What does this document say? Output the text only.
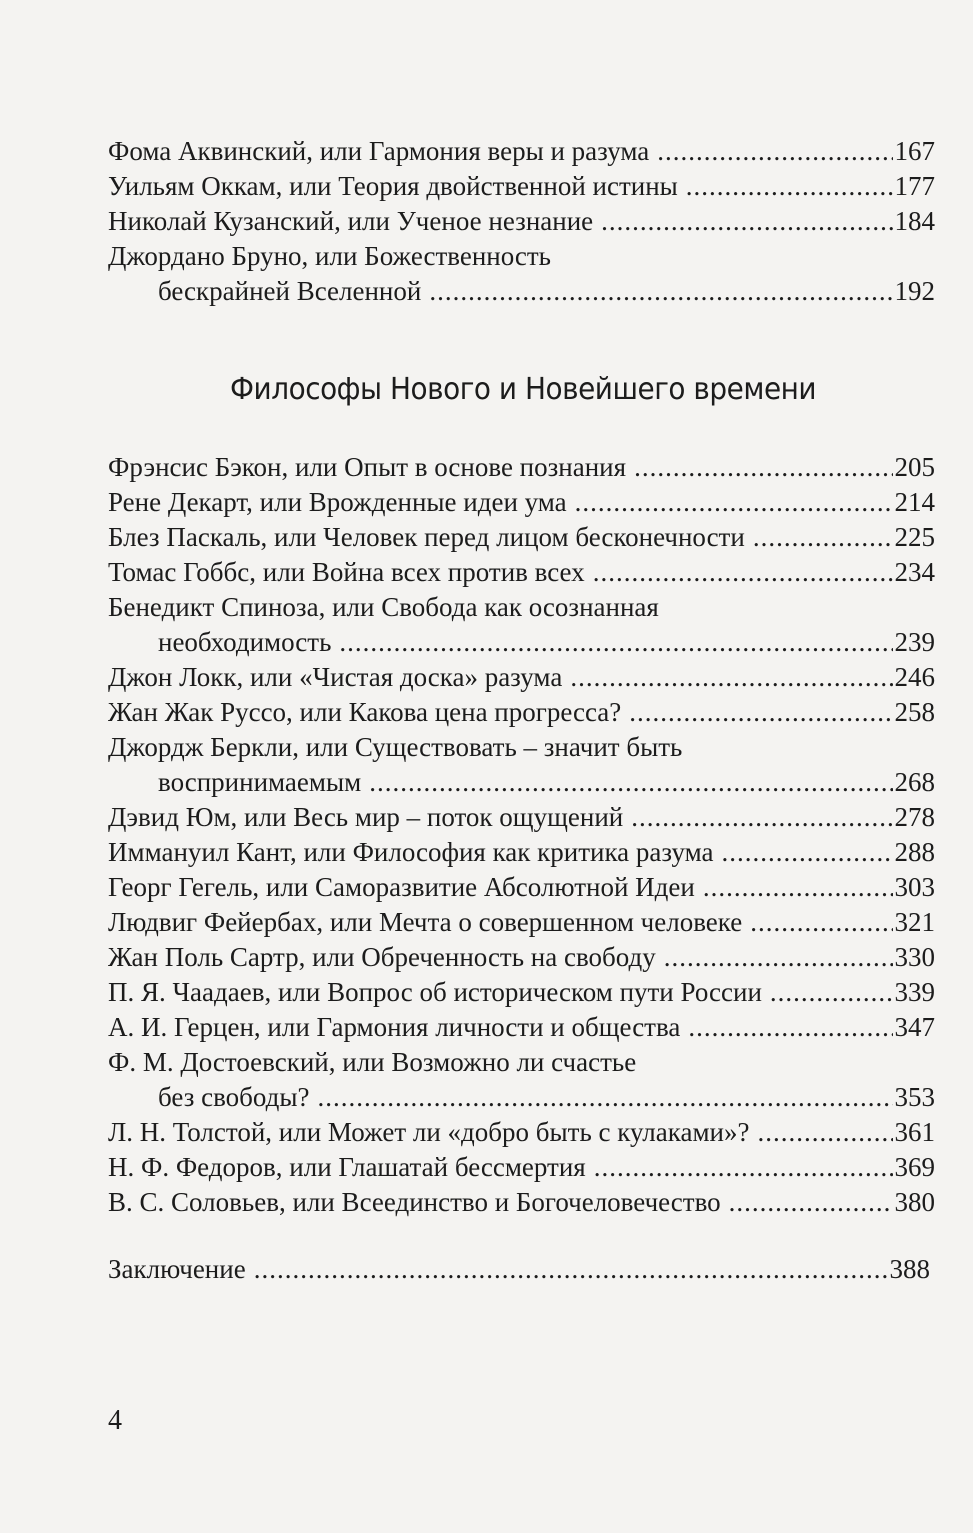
Фома Аквинский, или Гармония веры и разума .....	167
Уильям Оккам, или Теория двойственной истины .....	177
Николай Кузанский, или Ученое незнание .....	184
Джордано Бруно, или Божественность
бескрайней Вселенной .....	192
Философы Нового и Новейшего времени
Фрэнсис Бэкон, или Опыт в основе познания .....	205
Рене Декарт, или Врожденные идеи ума .....	214
Блез Паскаль, или Человек перед лицом бесконечности .....	225
Томас Гоббс, или Война всех против всех .....	234
Бенедикт Спиноза, или Свобода как осознанная
необходимость .....	239
Джон Локк, или «Чистая доска» разума .....	246
Жан Жак Руссо, или Какова цена прогресса? .....	258
Джордж Беркли, или Существовать – значит быть
воспринимаемым .....	268
Дэвид Юм, или Весь мир – поток ощущений .....	278
Иммануил Кант, или Философия как критика разума .....	288
Георг Гегель, или Саморазвитие Абсолютной Идеи .....	303
Людвиг Фейербах, или Мечта о совершенном человеке .....	321
Жан Поль Сартр, или Обреченность на свободу .....	330
П. Я. Чаадаев, или Вопрос об историческом пути России .....	339
А. И. Герцен, или Гармония личности и общества .....	347
Ф. М. Достоевский, или Возможно ли счастье
без свободы? .....	353
Л. Н. Толстой, или Может ли «добро быть с кулаками»? .....	361
Н. Ф. Федоров, или Глашатай бессмертия .....	369
В. С. Соловьев, или Всеединство и Богочеловечество .....	380
Заключение .....	388
4
